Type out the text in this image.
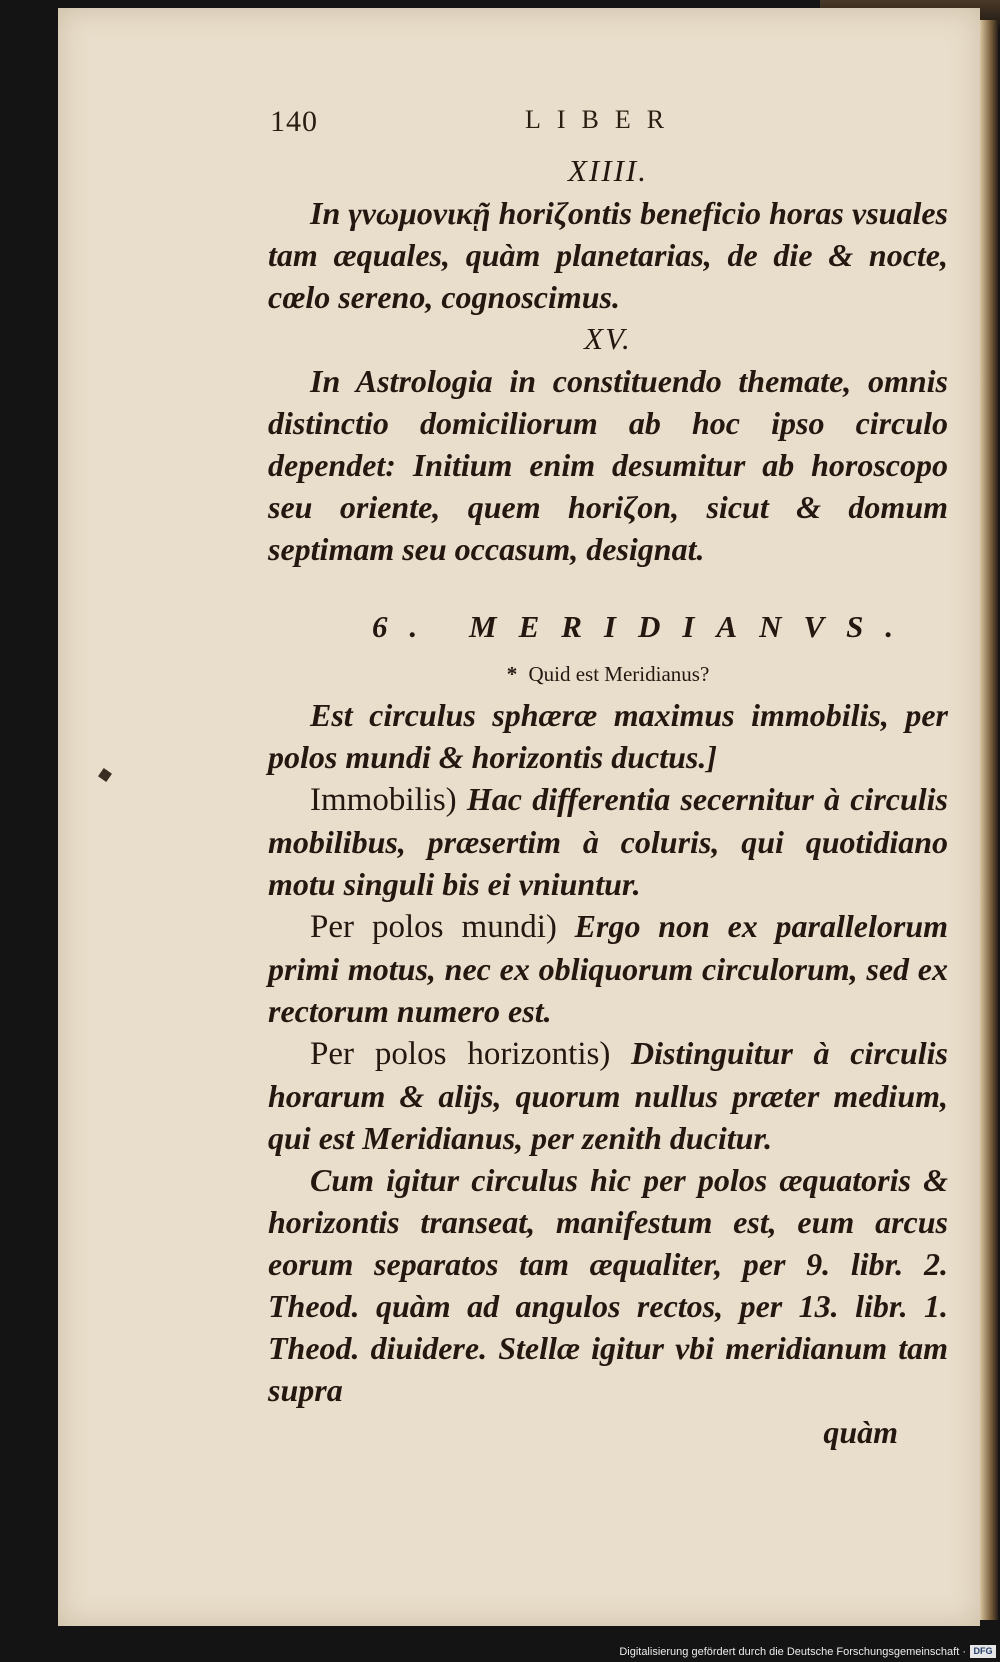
140	LIBER
XIIII.

In γνωμονικῇ horiζontis beneficio horas vsuales tam æquales, quàm planetarias, de die & nocte, cœlo sereno, cognoscimus.

XV.

In Astrologia in constituendo themate, omnis distinctio domiciliorum ab hoc ipso circulo dependet: Initium enim desumitur ab horoscopo seu oriente, quem horiζon, sicut & domum septimam seu occasum, designat.

6. MERIDIANVS.
* Quid est Meridianus?

Est circulus sphæræ maximus immobilis, per polos mundi & horizontis ductus.]

Immobilis) Hac differentia secernitur à circulis mobilibus, præsertim à coluris, qui quotidiano motu singuli bis ei vniuntur.

Per polos mundi) Ergo non ex parallelorum primi motus, nec ex obliquorum circulorum, sed ex rectorum numero est.

Per polos horizontis) Distinguitur à circulis horarum & alijs, quorum nullus præter medium, qui est Meridianus, per zenith ducitur.

Cum igitur circulus hic per polos æquatoris & horizontis transeat, manifestum est, eum arcus eorum separatos tam æqualiter, per 9. libr. 2. Theod. quàm ad angulos rectos, per 13. libr. 1. Theod. diuidere. Stellæ igitur vbi meridianum tam supra

quàm
Digitalisierung gefördert durch die Deutsche Forschungsgemeinschaft · DFG
